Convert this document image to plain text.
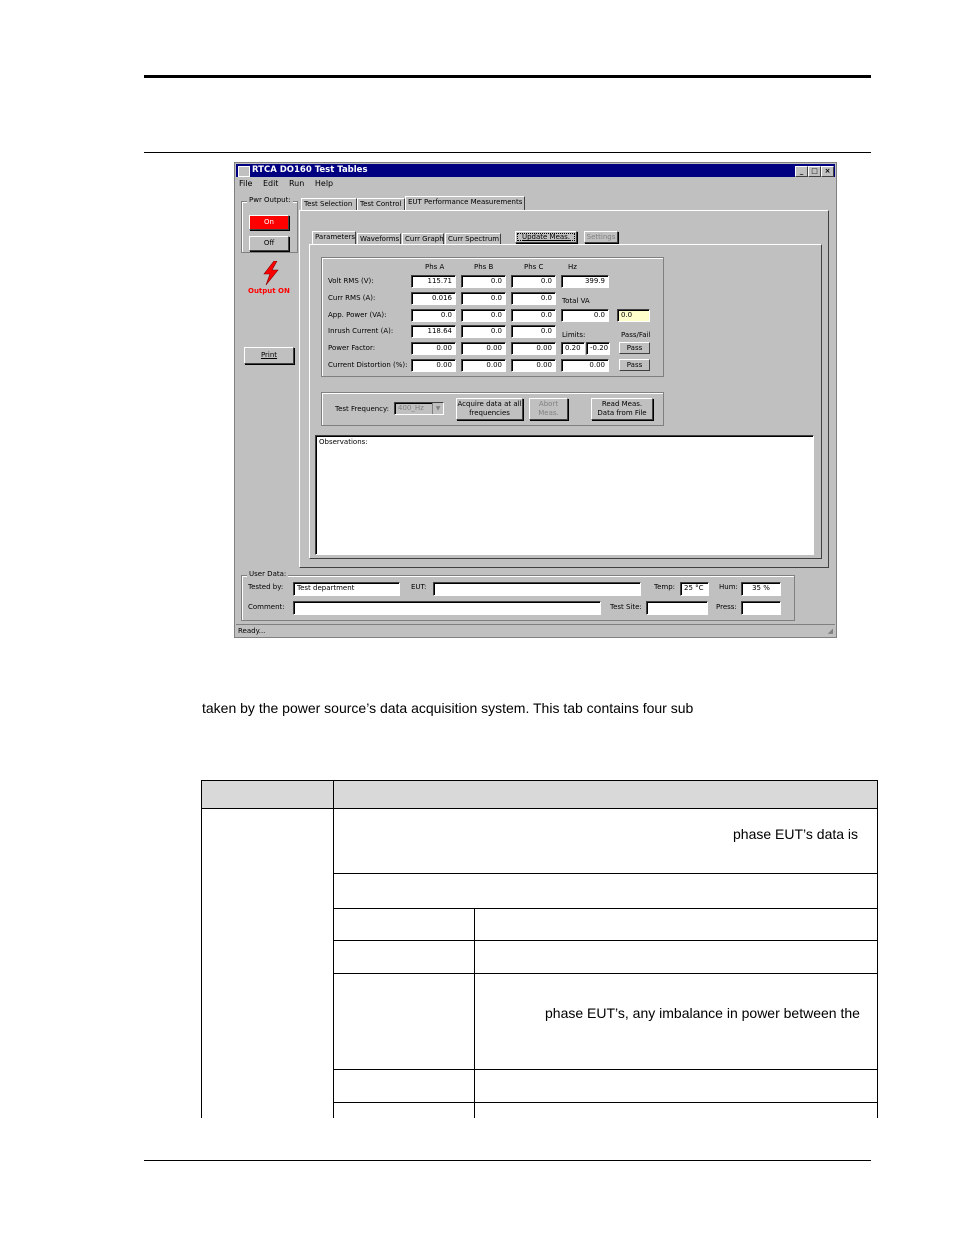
RTCA DO160 Test Tables	_	□ ×
File Edit Run Help
Pwr Output:
On
Off
Output ON
Print
Test Selection	Test Control EUT Performance Measurements
Parameters Waveforms Curr Graph Curr Spectrum	Update Meas.	Settings
Phs A	Phs B	Phs C	Hz
Volt RMS (V):	115.71	0.0	0.0	399.9
Curr RMS (A):	0.016	0.0	0.0	Total VA
App. Power (VA):	0.0	0.0	0.0	0.0	0.0
Inrush Current (A):	118.64	0.0	0.0	Limits:	Pass/Fail
Power Factor:	0.00	0.00	0.00	0.20	-0.20	Pass
Current Distortion (%):	0.00	0.00	0.00	0.00	Pass
Test Frequency:	400_Hz	▼
Acquire data at all
frequencies
Abort
Meas.
Read Meas.
Data from File
Observations:
User Data:
Tested by:	Test department	EUT:	Temp:	25 °C	Hum:	35 %
Comment:	Test Site:	Press:
Ready...	◢
taken by the power source’s data acquisition system. This tab contains four sub
phase EUT’s data is
phase EUT’s, any imbalance in power between the
